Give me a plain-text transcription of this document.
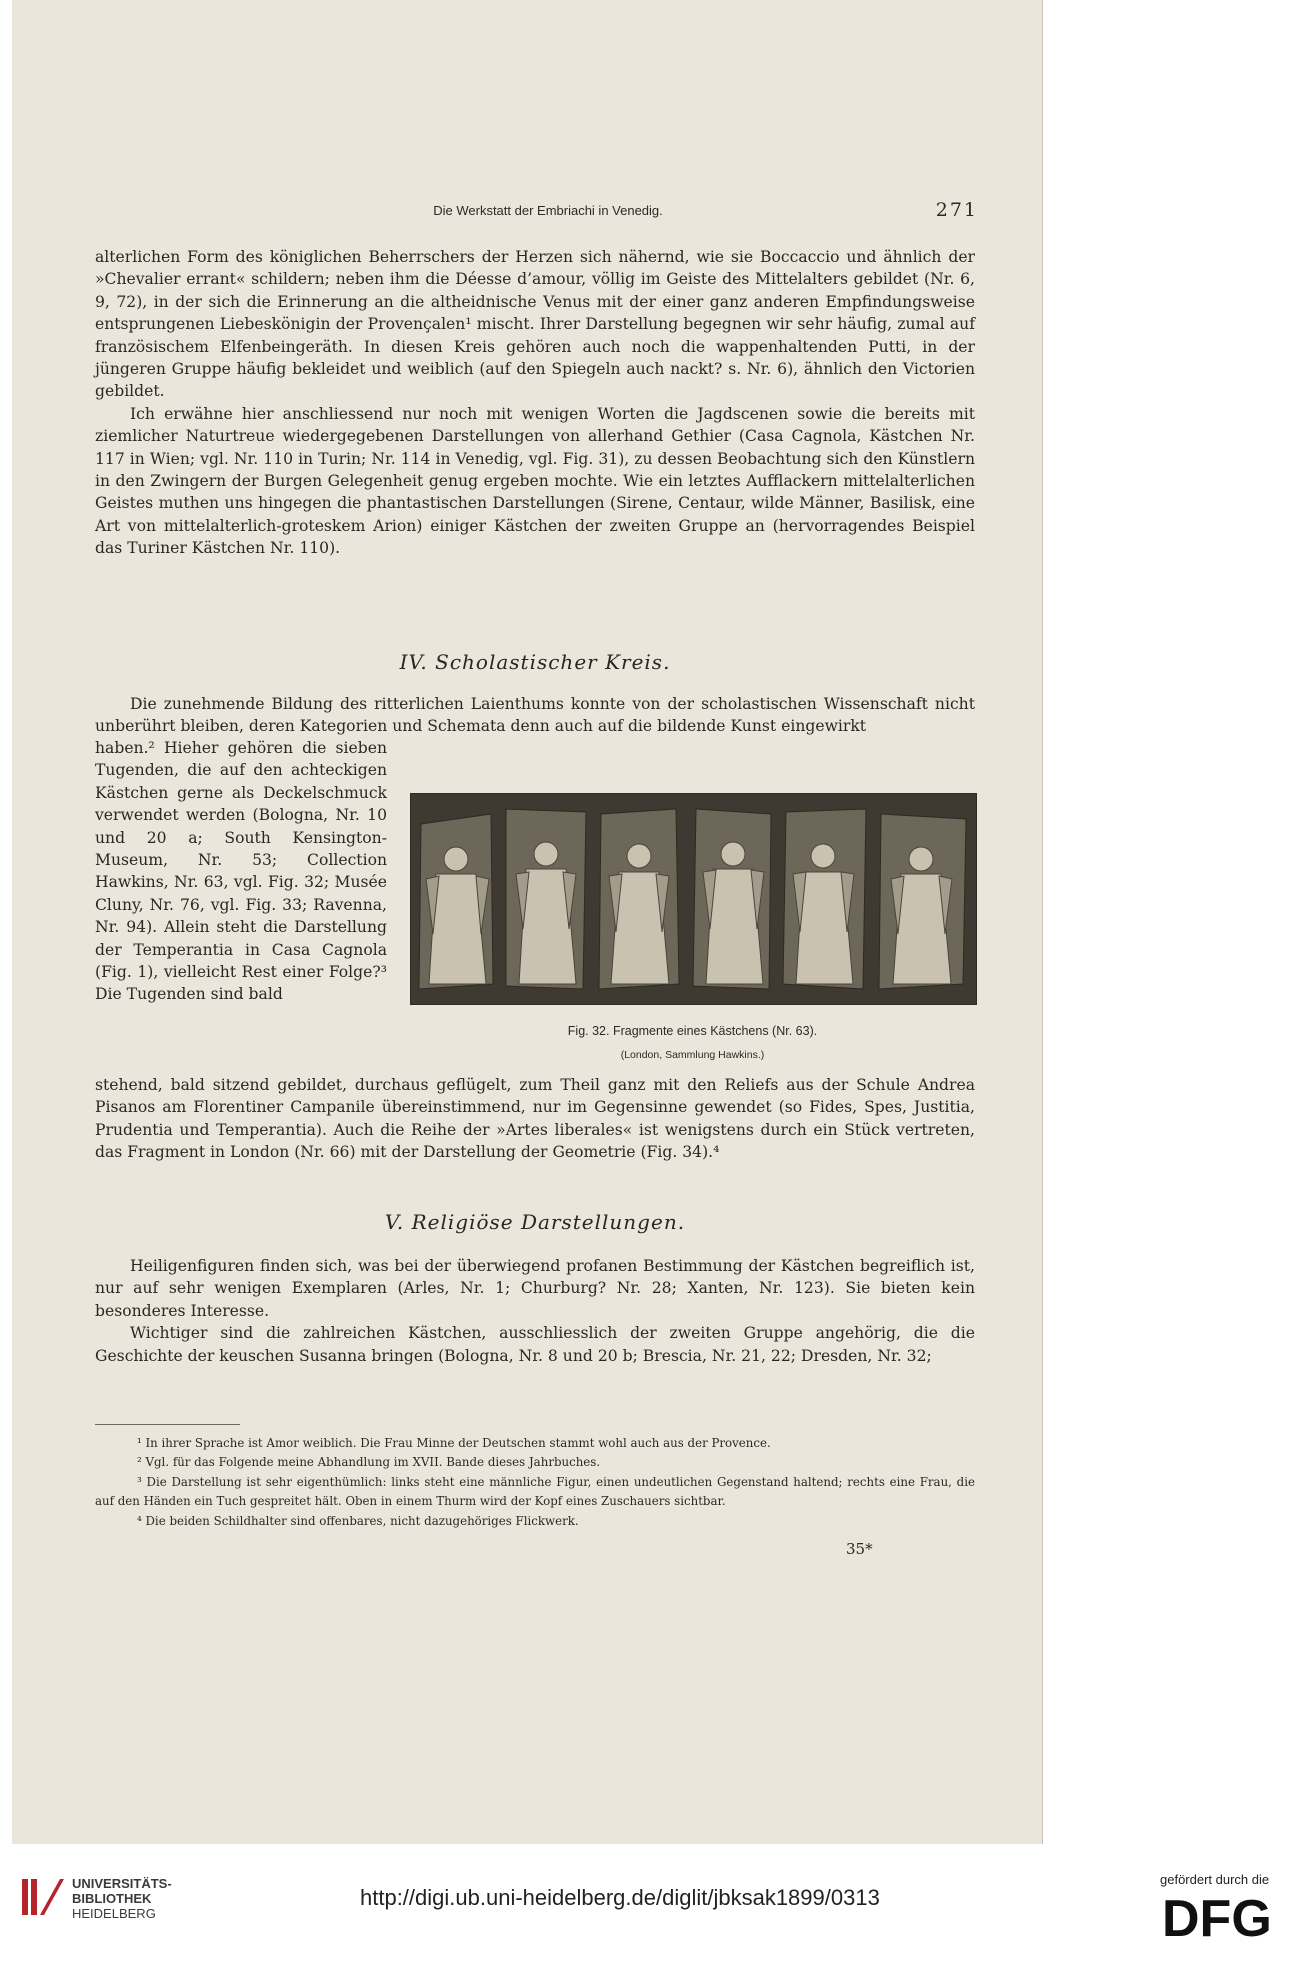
Die Werkstatt der Embriachi in Venedig.	271

alterlichen Form des königlichen Beherrschers der Herzen sich nähernd, wie sie Boccaccio und ähnlich der »Chevalier errant« schildern; neben ihm die Déesse d’amour, völlig im Geiste des Mittelalters gebildet (Nr. 6, 9, 72), in der sich die Erinnerung an die altheidnische Venus mit der einer ganz anderen Empfindungsweise entsprungenen Liebeskönigin der Provençalen¹ mischt. Ihrer Darstellung begegnen wir sehr häufig, zumal auf französischem Elfenbeingeräth. In diesen Kreis gehören auch noch die wappenhaltenden Putti, in der jüngeren Gruppe häufig bekleidet und weiblich (auf den Spiegeln auch nackt? s. Nr. 6), ähnlich den Victorien gebildet.

Ich erwähne hier anschliessend nur noch mit wenigen Worten die Jagdscenen sowie die bereits mit ziemlicher Naturtreue wiedergegebenen Darstellungen von allerhand Gethier (Casa Cagnola, Kästchen Nr. 117 in Wien; vgl. Nr. 110 in Turin; Nr. 114 in Venedig, vgl. Fig. 31), zu dessen Beobachtung sich den Künstlern in den Zwingern der Burgen Gelegenheit genug ergeben mochte. Wie ein letztes Aufflackern mittelalterlichen Geistes muthen uns hingegen die phantastischen Darstellungen (Sirene, Centaur, wilde Männer, Basilisk, eine Art von mittelalterlich-groteskem Arion) einiger Kästchen der zweiten Gruppe an (hervorragendes Beispiel das Turiner Kästchen Nr. 110).

IV. Scholastischer Kreis.

Die zunehmende Bildung des ritterlichen Laienthums konnte von der scholastischen Wissenschaft nicht unberührt bleiben, deren Kategorien und Schemata denn auch auf die bildende Kunst eingewirkt

haben.² Hieher gehören die sieben Tugenden, die auf den achteckigen Kästchen gerne als Deckelschmuck verwendet werden (Bologna, Nr. 10 und 20 a; South Kensington-Museum, Nr. 53; Collection Hawkins, Nr. 63, vgl. Fig. 32; Musée Cluny, Nr. 76, vgl. Fig. 33; Ravenna, Nr. 94). Allein steht die Darstellung der Temperantia in Casa Cagnola (Fig. 1), vielleicht Rest einer Folge?³ Die Tugenden sind bald
Fig. 32. Fragmente eines Kästchens (Nr. 63).
(London, Sammlung Hawkins.)

stehend, bald sitzend gebildet, durchaus geflügelt, zum Theil ganz mit den Reliefs aus der Schule Andrea Pisanos am Florentiner Campanile übereinstimmend, nur im Gegensinne gewendet (so Fides, Spes, Justitia, Prudentia und Temperantia). Auch die Reihe der »Artes liberales« ist wenigstens durch ein Stück vertreten, das Fragment in London (Nr. 66) mit der Darstellung der Geometrie (Fig. 34).⁴

V. Religiöse Darstellungen.

Heiligenfiguren finden sich, was bei der überwiegend profanen Bestimmung der Kästchen begreiflich ist, nur auf sehr wenigen Exemplaren (Arles, Nr. 1; Churburg? Nr. 28; Xanten, Nr. 123). Sie bieten kein besonderes Interesse.

Wichtiger sind die zahlreichen Kästchen, ausschliesslich der zweiten Gruppe angehörig, die die Geschichte der keuschen Susanna bringen (Bologna, Nr. 8 und 20 b; Brescia, Nr. 21, 22; Dresden, Nr. 32;

¹ In ihrer Sprache ist Amor weiblich. Die Frau Minne der Deutschen stammt wohl auch aus der Provence.

² Vgl. für das Folgende meine Abhandlung im XVII. Bande dieses Jahrbuches.

³ Die Darstellung ist sehr eigenthümlich: links steht eine männliche Figur, einen undeutlichen Gegenstand haltend; rechts eine Frau, die auf den Händen ein Tuch gespreitet hält. Oben in einem Thurm wird der Kopf eines Zuschauers sichtbar.

⁴ Die beiden Schildhalter sind offenbares, nicht dazugehöriges Flickwerk.

35*
UNIVERSITÄTS-
BIBLIOTHEK
HEIDELBERG
http://digi.ub.uni-heidelberg.de/diglit/jbksak1899/0313
gefördert durch die
DFG
